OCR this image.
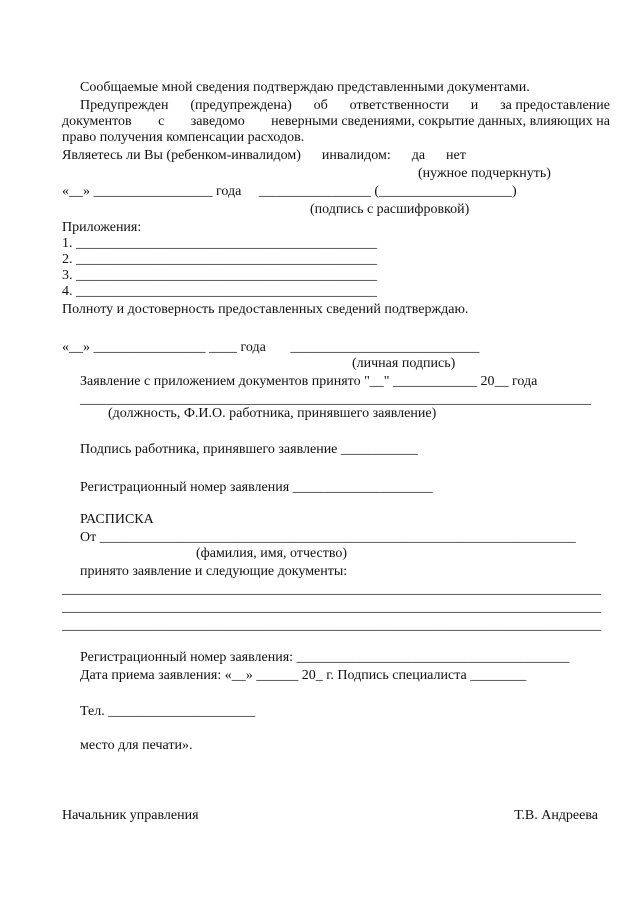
Сообщаемые мной сведения подтверждаю представленными документами.
Предупрежден (предупреждена) об ответственности и за предоставление
документов с заведомо неверными сведениями, сокрытие данных, влияющих на
право получения компенсации расходов.
Являетесь ли Вы (ребенком-инвалидом)      инвалидом:      да      нет
(нужное подчеркнуть)
«__» _________________ года     ________________ (___________________)
(подпись с расшифровкой)
Приложения:
1. ___________________________________________
2. ___________________________________________
3. ___________________________________________
4. ___________________________________________
Полноту и достоверность предоставленных сведений подтверждаю.
«__» ________________ ____ года       ___________________________
(личная подпись)
Заявление с приложением документов принято "__" ____________ 20__ года
_________________________________________________________________________
(должность, Ф.И.О. работника, принявшего заявление)
Подпись работника, принявшего заявление ___________
Регистрационный номер заявления ____________________
РАСПИСКА
От ____________________________________________________________________
(фамилия, имя, отчество)
принято заявление и следующие документы:
_____________________________________________________________________________
_____________________________________________________________________________
_____________________________________________________________________________
Регистрационный номер заявления: _______________________________________
Дата приема заявления: «__» ______ 20_ г. Подпись специалиста ________
Тел. _____________________
место для печати».
Начальник управления	Т.В. Андреева
